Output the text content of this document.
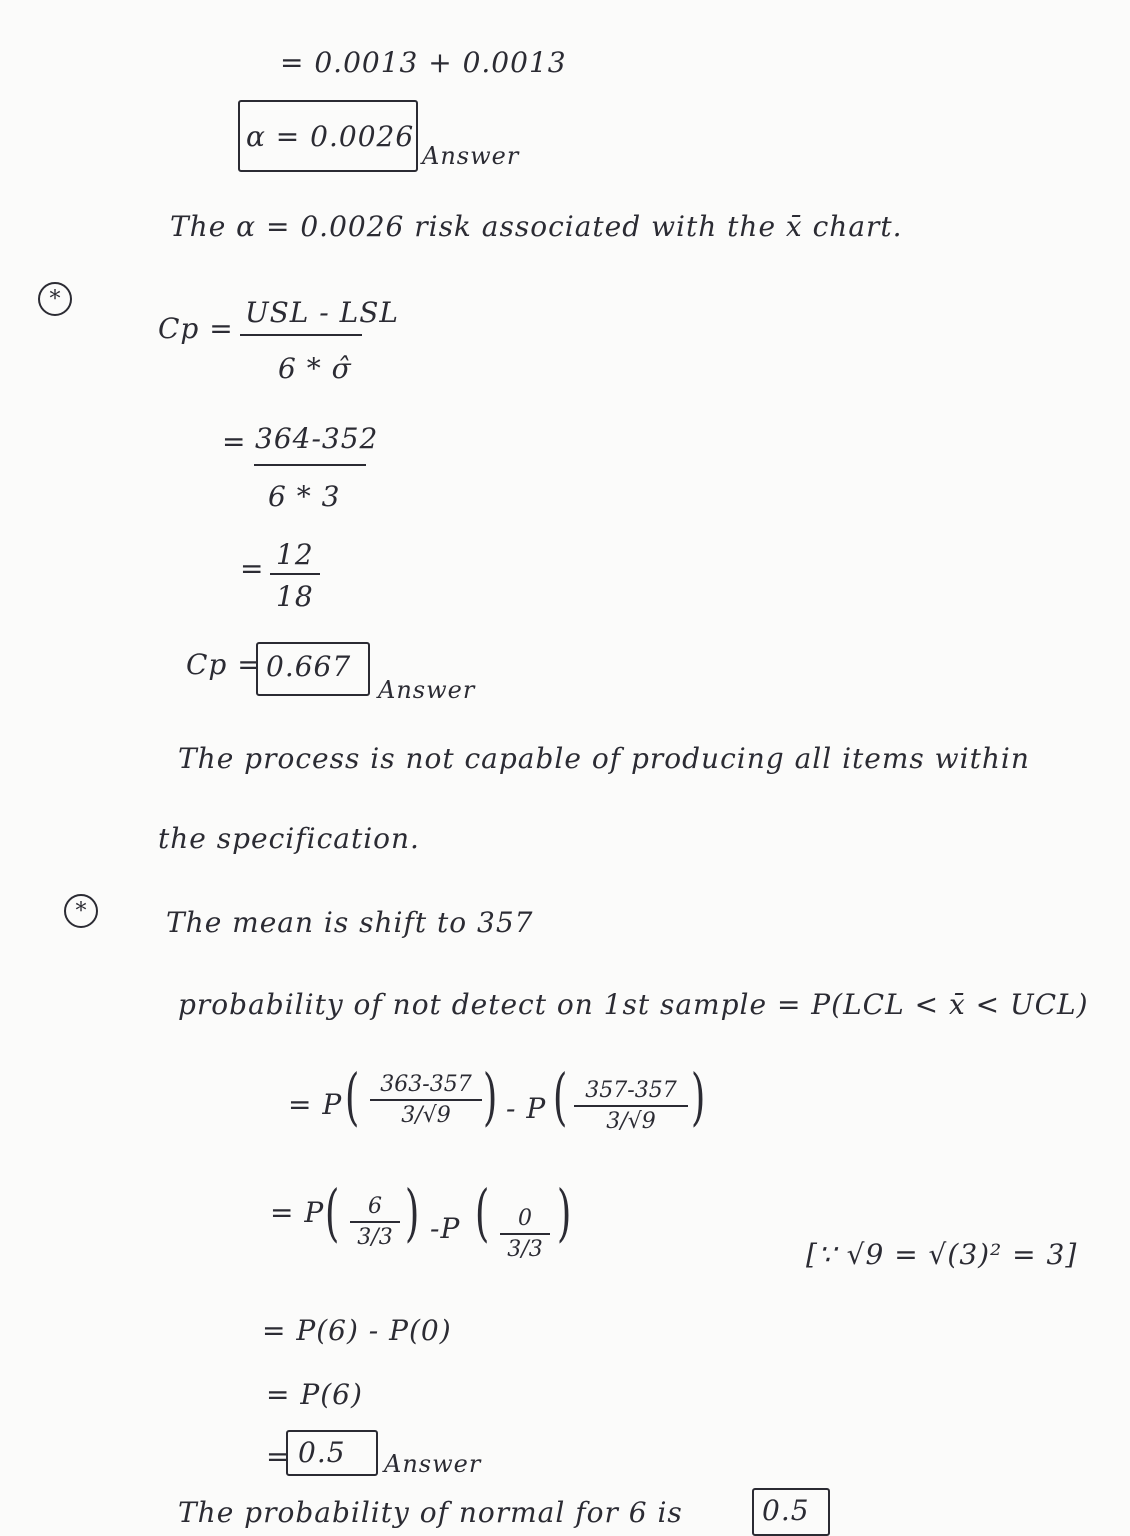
= 0.0013 + 0.0013
α = 0.0026
Answer
The α = 0.0026 risk associated with the x̄ chart.
*
Cp = USL - LSL
6 * σ̂
= 364-352
6 * 3
= 12
18
Cp = 0.667
Answer
The process is not capable of producing all items within
the specification.
*	The mean is shift to 357
probability of not detect on 1st sample = P(LCL < x̄ < UCL)
= P ( 363-357
3/√9 ) - P ( 357-357
3/√9 )
= P (	6
3/3 ) -P (	0
3/3
)
[∵ √9 = √(3)² = 3]
= P(6) - P(0)
= P(6)
= 0.5 Answer
The probability of normal for 6 is	0.5
